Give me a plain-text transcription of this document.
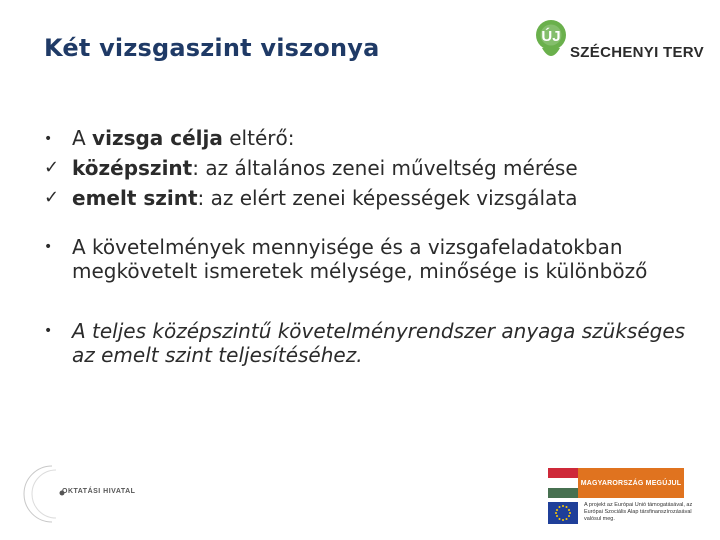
Két vizsgaszint viszonya	ÚJ
SZÉCHENYI TERV
• A vizsga célja eltérő:
✓ középszint: az általános zenei műveltség mérése
✓ emelt szint: az elért zenei képességek vizsgálata
• A követelmények mennyisége és a vizsgafeladatokban megkövetelt ismeretek mélysége, minősége is különböző
• A teljes középszintű követelményrendszer anyaga szükséges az emelt szint teljesítéséhez.
OKTATÁSI HIVATAL
MAGYARORSZÁG MEGÚJUL
A projekt az Európai Unió támogatásával, az Európai Szociális Alap társfinanszírozásával valósul meg.
